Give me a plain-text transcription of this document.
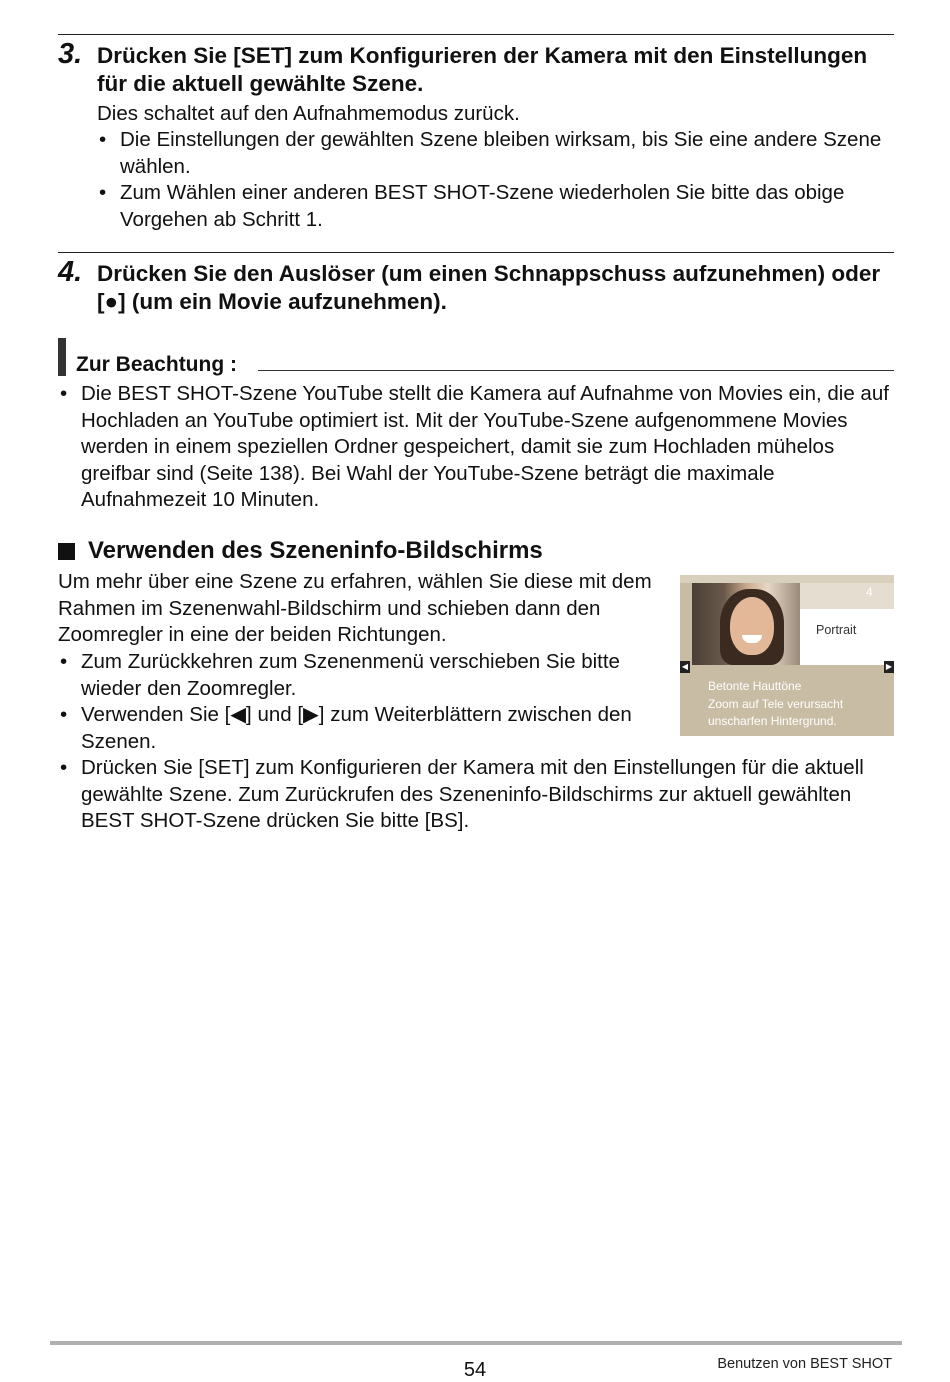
3. Drücken Sie [SET] zum Konfigurieren der Kamera mit den Einstellungen für die aktuell gewählte Szene.
Dies schaltet auf den Aufnahmemodus zurück.
• Die Einstellungen der gewählten Szene bleiben wirksam, bis Sie eine andere Szene wählen.
• Zum Wählen einer anderen BEST SHOT-Szene wiederholen Sie bitte das obige Vorgehen ab Schritt 1.
4. Drücken Sie den Auslöser (um einen Schnappschuss aufzunehmen) oder [●] (um ein Movie aufzunehmen).
Zur Beachtung :
• Die BEST SHOT-Szene YouTube stellt die Kamera auf Aufnahme von Movies ein, die auf Hochladen an YouTube optimiert ist. Mit der YouTube-Szene aufgenommene Movies werden in einem speziellen Ordner gespeichert, damit sie zum Hochladen mühelos greifbar sind (Seite 138). Bei Wahl der YouTube-Szene beträgt die maximale Aufnahmezeit 10 Minuten.
Verwenden des Szeneninfo-Bildschirms
Um mehr über eine Szene zu erfahren, wählen Sie diese mit dem Rahmen im Szenenwahl-Bildschirm und schieben dann den Zoomregler in eine der beiden Richtungen.
• Zum Zurückkehren zum Szenenmenü verschieben Sie bitte wieder den Zoomregler.
• Verwenden Sie [◀] und [▶] zum Weiterblättern zwischen den Szenen.
• Drücken Sie [SET] zum Konfigurieren der Kamera mit den Einstellungen für die aktuell gewählte Szene. Zum Zurückrufen des Szeneninfo-Bildschirms zur aktuell gewählten BEST SHOT-Szene drücken Sie bitte [BS].
4
Portrait
◀	▶
Betonte Hauttöne
Zoom auf Tele verursacht
unscharfen Hintergrund.
54	Benutzen von BEST SHOT
